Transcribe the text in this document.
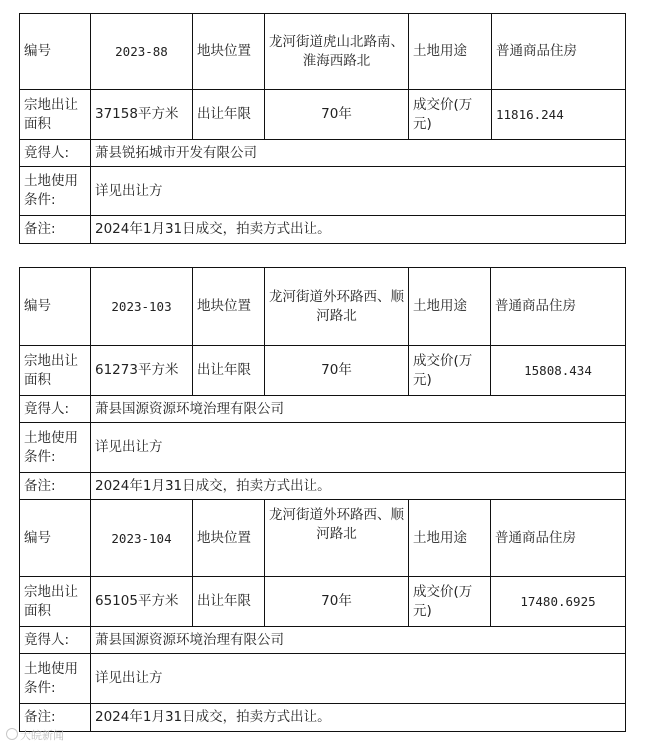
编号	2023-88	地块位置	龙河街道虎山北路南、淮海西路北	土地用途	普通商品住房
宗地出让面积	37158平方米	出让年限	70年	成交价(万元)	11816.244
竟得人:	萧县锐拓城市开发有限公司				
土地使用条件:	详见出让方				
备注:	2024年1月31日成交，拍卖方式出让。				
编号	2023-103	地块位置	龙河街道外环路西、顺河路北	土地用途	普通商品住房
宗地出让面积	61273平方米	出让年限	70年	成交价(万元)	15808.434
竟得人:	萧县国源资源环境治理有限公司				
土地使用条件:	详见出让方				
备注:	2024年1月31日成交，拍卖方式出让。				
编号	2023-104	地块位置	龙河街道外环路西、顺河路北	土地用途	普通商品住房
宗地出让面积	65105平方米	出让年限	70年	成交价(万元)	17480.6925
竟得人:	萧县国源资源环境治理有限公司				
土地使用条件:	详见出让方				
备注:	2024年1月31日成交，拍卖方式出让。				
大皖新闻
